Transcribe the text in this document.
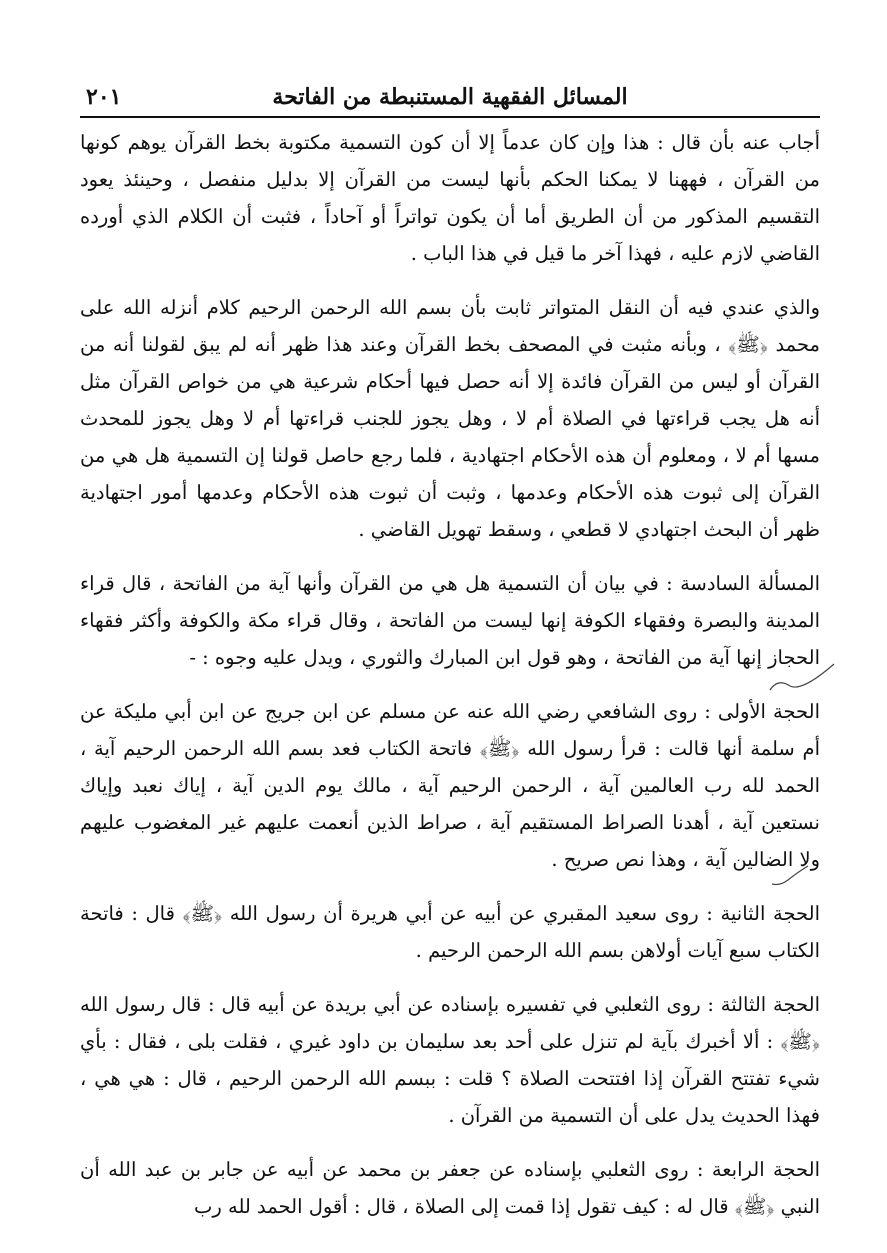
المسائل الفقهية المستنبطة من الفاتحة
٢٠١

أجاب عنه بأن قال : هذا وإن كان عدماً إلا أن كون التسمية مكتوبة بخط القرآن يوهم كونها من القرآن ، فههنا لا يمكنا الحكم بأنها ليست من القرآن إلا بدليل منفصل ، وحينئذ يعود التقسيم المذكور من أن الطريق أما أن يكون تواتراً أو آحاداً ، فثبت أن الكلام الذي أورده القاضي لازم عليه ، فهذا آخر ما قيل في هذا الباب .

والذي عندي فيه أن النقل المتواتر ثابت بأن بسم الله الرحمن الرحيم كلام أنزله الله على محمد ﴿ﷺ﴾ ، وبأنه مثبت في المصحف بخط القرآن وعند هذا ظهر أنه لم يبق لقولنا أنه من القرآن أو ليس من القرآن فائدة إلا أنه حصل فيها أحكام شرعية هي من خواص القرآن مثل أنه هل يجب قراءتها في الصلاة أم لا ، وهل يجوز للجنب قراءتها أم لا وهل يجوز للمحدث مسها أم لا ، ومعلوم أن هذه الأحكام اجتهادية ، فلما رجع حاصل قولنا إن التسمية هل هي من القرآن إلى ثبوت هذه الأحكام وعدمها ، وثبت أن ثبوت هذه الأحكام وعدمها أمور اجتهادية ظهر أن البحث اجتهادي لا قطعي ، وسقط تهويل القاضي .

المسألة السادسة : في بيان أن التسمية هل هي من القرآن وأنها آية من الفاتحة ، قال قراء المدينة والبصرة وفقهاء الكوفة إنها ليست من الفاتحة ، وقال قراء مكة والكوفة وأكثر فقهاء الحجاز إنها آية من الفاتحة ، وهو قول ابن المبارك والثوري ، ويدل عليه وجوه : -

الحجة الأولى : روى الشافعي رضي الله عنه عن مسلم عن ابن جريج عن ابن أبي مليكة عن أم سلمة أنها قالت : قرأ رسول الله ﴿ﷺ﴾ فاتحة الكتاب فعد بسم الله الرحمن الرحيم آية ، الحمد لله رب العالمين آية ، الرحمن الرحيم آية ، مالك يوم الدين آية ، إياك نعبد وإياك نستعين آية ، أهدنا الصراط المستقيم آية ، صراط الذين أنعمت عليهم غير المغضوب عليهم ولا الضالين آية ، وهذا نص صريح .

الحجة الثانية : روى سعيد المقبري عن أبيه عن أبي هريرة أن رسول الله ﴿ﷺ﴾ قال : فاتحة الكتاب سبع آيات أولاهن بسم الله الرحمن الرحيم .

الحجة الثالثة : روى الثعلبي في تفسيره بإسناده عن أبي بريدة عن أبيه قال : قال رسول الله ﴿ﷺ﴾ : ألا أخبرك بآية لم تنزل على أحد بعد سليمان بن داود غيري ، فقلت بلى ، فقال : بأي شيء تفتتح القرآن إذا افتتحت الصلاة ؟ قلت : ببسم الله الرحمن الرحيم ، قال : هي هي ، فهذا الحديث يدل على أن التسمية من القرآن .

الحجة الرابعة : روى الثعلبي بإسناده عن جعفر بن محمد عن أبيه عن جابر بن عبد الله أن النبي ﴿ﷺ﴾ قال له : كيف تقول إذا قمت إلى الصلاة ، قال : أقول الحمد لله رب
